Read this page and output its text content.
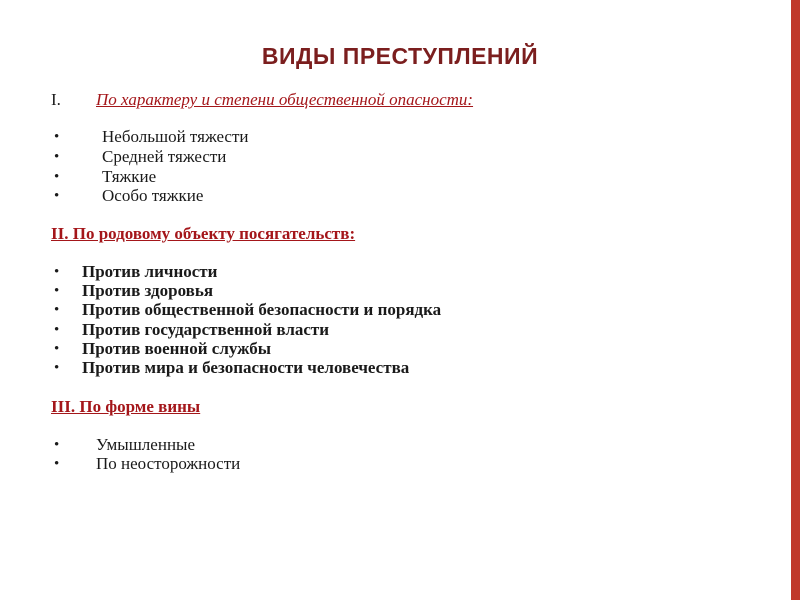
ВИДЫ ПРЕСТУПЛЕНИЙ
I. По характеру и степени общественной опасности:
•	Небольшой тяжести
•	Средней тяжести
•	Тяжкие
•	Особо тяжкие
II. По родовому объекту посягательств:
• Против личности
• Против здоровья
• Против общественной безопасности и порядка
• Против государственной власти
• Против военной службы
• Против мира и безопасности человечества
III. По форме вины
• Умышленные
• По неосторожности
